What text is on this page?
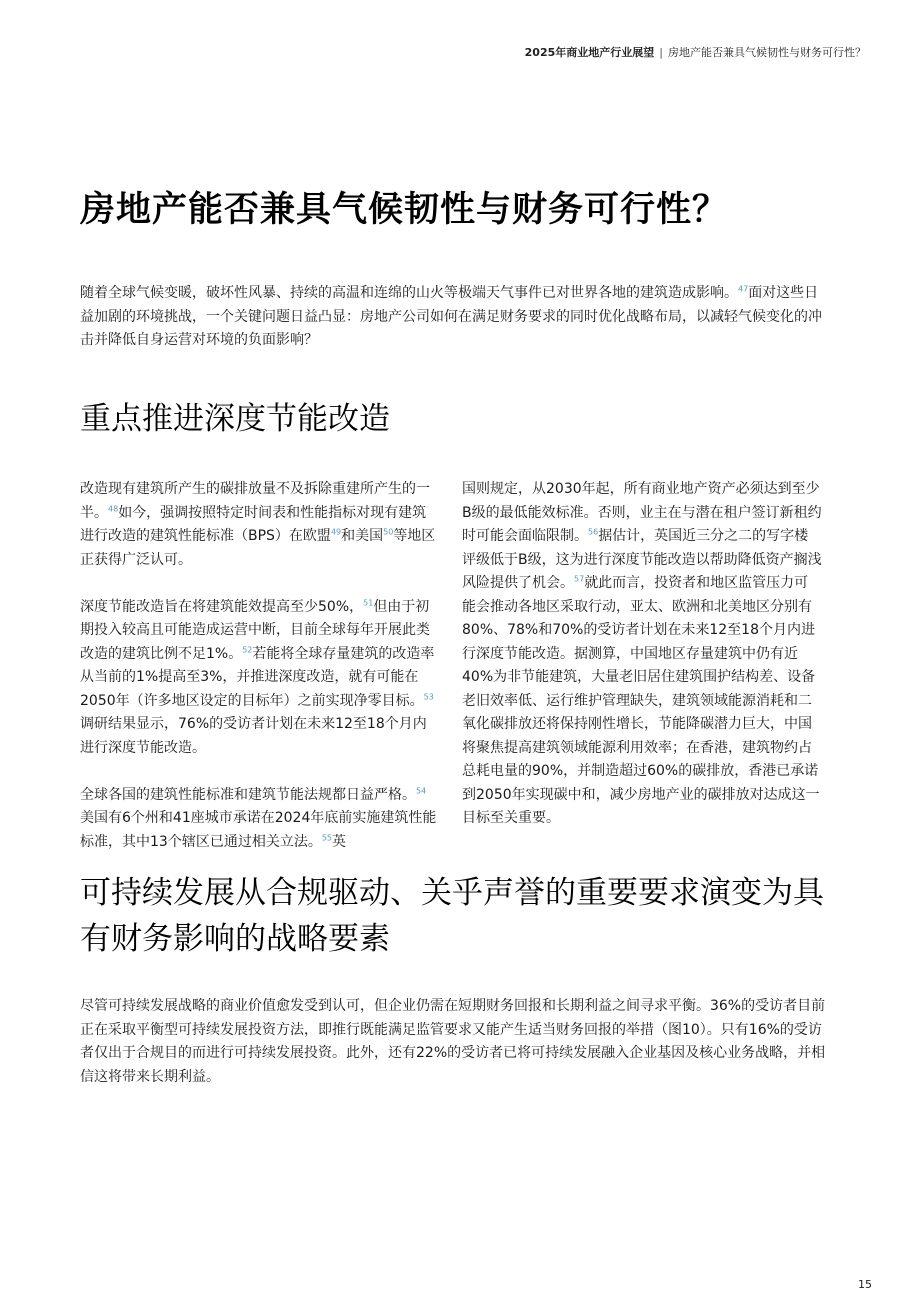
2025年商业地产行业展望 | 房地产能否兼具气候韧性与财务可行性？
房地产能否兼具气候韧性与财务可行性？

随着全球气候变暖，破坏性风暴、持续的高温和连绵的山火等极端天气事件已对世界各地的建筑造成影响。$^{47}$面对这些日益加剧的环境挑战，一个关键问题日益凸显：房地产公司如何在满足财务要求的同时优化战略布局，以减轻气候变化的冲击并降低自身运营对环境的负面影响？

重点推进深度节能改造

改造现有建筑所产生的碳排放量不及拆除重建所产生的一半。$^{48}$如今，强调按照特定时间表和性能指标对现有建筑进行改造的建筑性能标准（BPS）在欧盟$^{49}$和美国$^{50}$等地区正获得广泛认可。

深度节能改造旨在将建筑能效提高至少50%，$^{51}$但由于初期投入较高且可能造成运营中断，目前全球每年开展此类改造的建筑比例不足1%。$^{52}$若能将全球存量建筑的改造率从当前的1%提高至3%，并推进深度改造，就有可能在2050年（许多地区设定的目标年）之前实现净零目标。$^{53}$调研结果显示，76%的受访者计划在未来12至18个月内进行深度节能改造。

全球各国的建筑性能标准和建筑节能法规都日益严格。$^{54}$美国有6个州和41座城市承诺在2024年底前实施建筑性能标准，其中13个辖区已通过相关立法。$^{55}$英

国则规定，从2030年起，所有商业地产资产必须达到至少B级的最低能效标准。否则，业主在与潜在租户签订新租约时可能会面临限制。$^{56}$据估计，英国近三分之二的写字楼评级低于B级，这为进行深度节能改造以帮助降低资产搁浅风险提供了机会。$^{57}$就此而言，投资者和地区监管压力可能会推动各地区采取行动，亚太、欧洲和北美地区分别有80%、78%和70%的受访者计划在未来12至18个月内进行深度节能改造。据测算，中国地区存量建筑中仍有近40%为非节能建筑，大量老旧居住建筑围护结构差、设备老旧效率低、运行维护管理缺失，建筑领域能源消耗和二氧化碳排放还将保持刚性增长，节能降碳潜力巨大，中国将聚焦提高建筑领域能源利用效率；在香港，建筑物约占总耗电量的90%，并制造超过60%的碳排放，香港已承诺到2050年实现碳中和，减少房地产业的碳排放对达成这一目标至关重要。

可持续发展从合规驱动、关乎声誉的重要要求演变为具有财务影响的战略要素

尽管可持续发展战略的商业价值愈发受到认可，但企业仍需在短期财务回报和长期利益之间寻求平衡。36%的受访者目前正在采取平衡型可持续发展投资方法，即推行既能满足监管要求又能产生适当财务回报的举措（图10）。只有16%的受访者仅出于合规目的而进行可持续发展投资。此外，还有22%的受访者已将可持续发展融入企业基因及核心业务战略，并相信这将带来长期利益。

15
